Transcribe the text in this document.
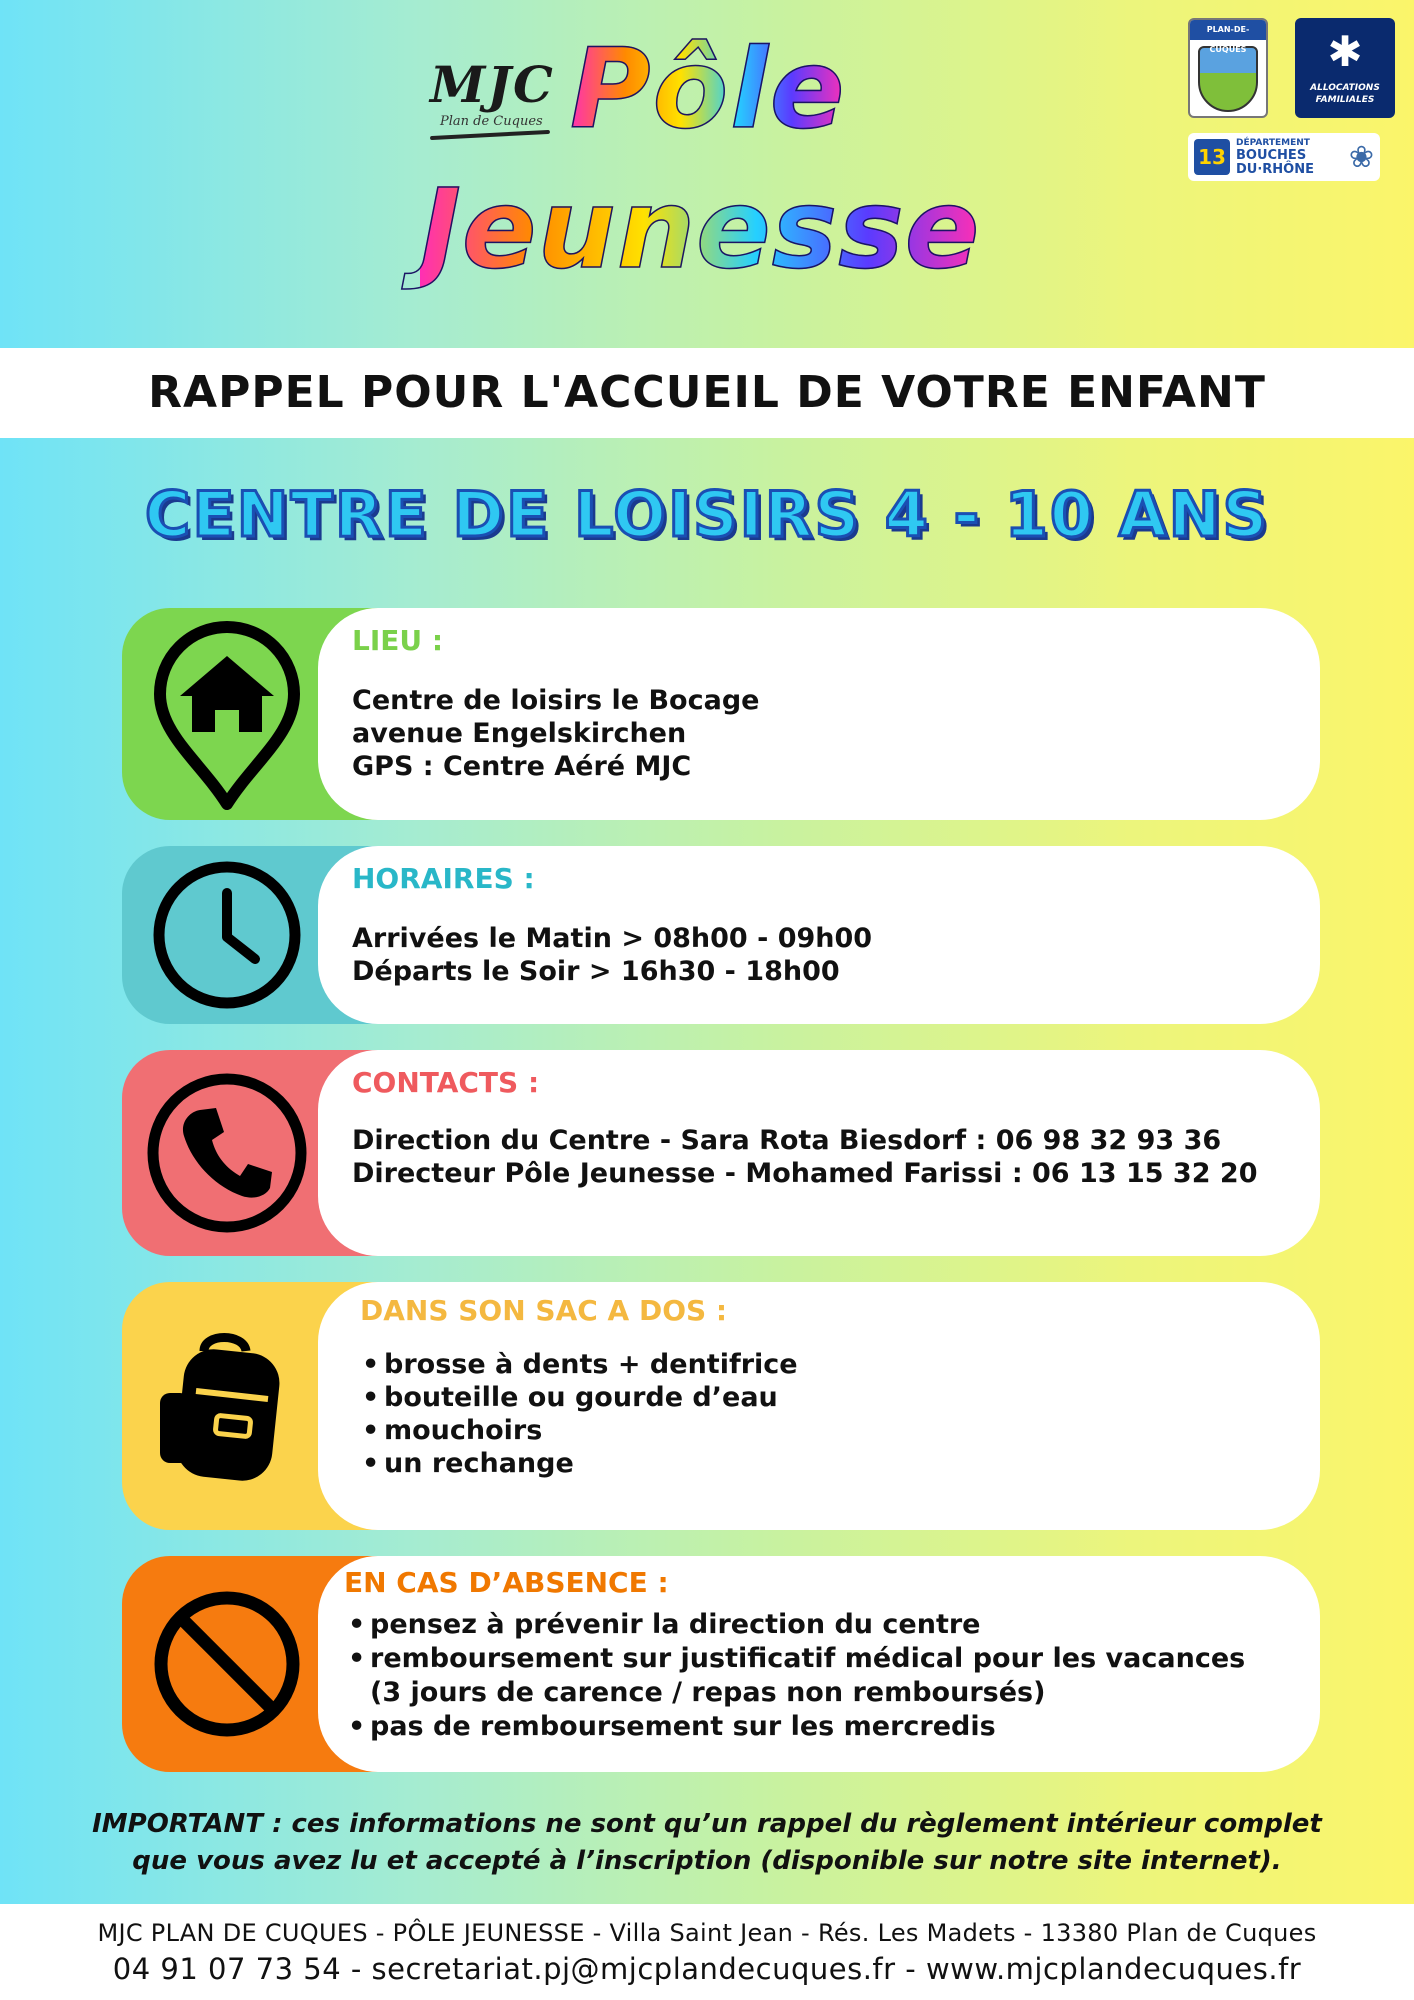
MJC
Plan de Cuques Pôle
Jeunesse
PLAN-DE-CUQUES	✱
ALLOCATIONS
FAMILIALES
13
DÉPARTEMENT
BOUCHES
DU·RHÔNE ❀
RAPPEL POUR L'ACCUEIL DE VOTRE ENFANT
CENTRE DE LOISIRS 4 - 10 ANS
LIEU :
Centre de loisirs le Bocage
avenue Engelskirchen
GPS : Centre Aéré MJC
HORAIRES :
Arrivées le Matin > 08h00 - 09h00
Départs le Soir > 16h30 - 18h00
CONTACTS :
Direction du Centre - Sara Rota Biesdorf : 06 98 32 93 36
Directeur Pôle Jeunesse - Mohamed Farissi : 06 13 15 32 20
DANS SON SAC A DOS :
• brosse à dents + dentifrice
• bouteille ou gourde d’eau
• mouchoirs
• un rechange
EN CAS D’ABSENCE :
• pensez à prévenir la direction du centre
• remboursement sur justificatif médical pour les vacances
(3 jours de carence / repas non remboursés)
• pas de remboursement sur les mercredis
IMPORTANT : ces informations ne sont qu’un rappel du règlement intérieur complet
que vous avez lu et accepté à l’inscription (disponible sur notre site internet).
MJC PLAN DE CUQUES - PÔLE JEUNESSE - Villa Saint Jean - Rés. Les Madets - 13380 Plan de Cuques
04 91 07 73 54 - secretariat.pj@mjcplandecuques.fr - www.mjcplandecuques.fr
